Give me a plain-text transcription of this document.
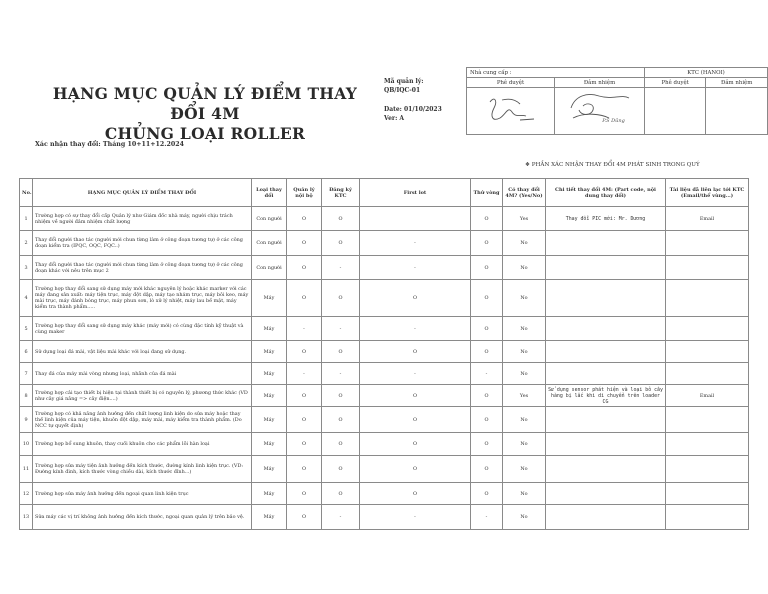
HẠNG MỤC QUẢN LÝ ĐIỂM THAY ĐỔI 4M
CHỦNG LOẠI ROLLER
Mã quản lý:
QB/IQC-01
Date: 01/10/2023
Ver: A
Nhà cung cấp :		KTC (HANOI)	
Phê duyệt	Đảm nhiệm	Phê duyệt	Đảm nhiệm

P.S Dũng		

Xác nhận thay đổi: Tháng 10+11+12.2024
❖ PHẦN XÁC NHẬN THAY ĐỔI 4M PHÁT SINH TRONG QUÝ
No.	HẠNG MỤC QUẢN LÝ ĐIỂM THAY ĐỔI	Loại thay đổi	Quản lý nội bộ	Đăng ký KTC	First lot	Thử vòng	Có thay đổi 4M? (Yes/No)	Chi tiết thay đổi 4M: (Part code, nội dung thay đổi)	Tài liệu đã liên lạc tới KTC (Email/thể vùng…)
1	Trường hợp có sự thay đổi cấp Quản lý như Giám đốc nhà máy, người chịu trách nhiệm về người đảm nhiệm chất lượng	Con người	O	O		O	Yes	Thay đổi PIC mới: Mr. Dương	Email
2	Thay đổi người thao tác (người mới chưa từng làm ở công đoạn tương tự) ở các công đoạn kiểm tra (IPQC, OQC, FQC..)	Con người	O	O	-	O	No		
3	Thay đổi người thao tác (người mới chưa từng làm ở công đoạn tương tự) ở các công đoạn khác với nêu trên mục 2	Con người	O	-	-	O	No		
4	Trường hợp thay đổi sang sử dụng máy mới khác nguyên lý hoặc khác marker với các máy đang sản xuất: máy tiện trục, máy đột dập, máy tạo nhám trục, máy bôi keo, máy mài trục, máy đánh bóng trục, máy phun sơn, lò xử lý nhiệt, máy lau bề mặt, máy kiểm tra thành phẩm.....	Máy	O	O	O	O	No		
5	Trường hợp thay đổi sang sử dụng máy khác (máy mới) có cùng đặc tính kỹ thuật và cùng maker	Máy	-	-	-	O	No		
6	Sử dụng loại đá mài, vật liệu mài khác với loại đang sử dụng.	Máy	O	O	O	O	No		
7	Thay đá của máy mài vòng nhưng loại, nhãnh của đá mài	Máy	-	-	-	-	No		
8	Trường hợp cải tạo thiết bị hiện tại thành thiết bị có nguyên lý, phương thức khác (VD như cây giá nâng => cây điện....)	Máy	O	O	O	O	Yes	Sử dụng sensor phát hiện và loại bỏ cây hàng bị lắc khi di chuyển trên loader CG	Email
9	Trường hợp có khả năng ảnh hưởng đến chất lượng linh kiện do sửa máy hoặc thay thế linh kiện của máy tiện, khuôn đột dập, máy mài, máy kiểm tra thành phẩm. (Do NCC tự quyết định)	Máy	O	O	O	O	No		
10	Trường hợp bổ sung khuôn, thay cuối khuôn cho các phẩm lõi hàn loại	Máy	O	O	O	O	No		
11	Trường hợp sửa máy tiện ảnh hưởng đến kích thước, đường kính linh kiện trục. (VD: Đường kính đinh, kích thước vòng chiều dài, kích thước đỉnh...)	Máy	O	O	O	O	No		
12	Trường hợp sửa máy ảnh hưởng đến ngoại quan linh kiện trục	Máy	O	O	O	O	No		
13	Sửa máy các vị trí không ảnh hưởng đến kích thước, ngoại quan quản lý trên bảo vệ.	Máy	O	-	-	-	No		
